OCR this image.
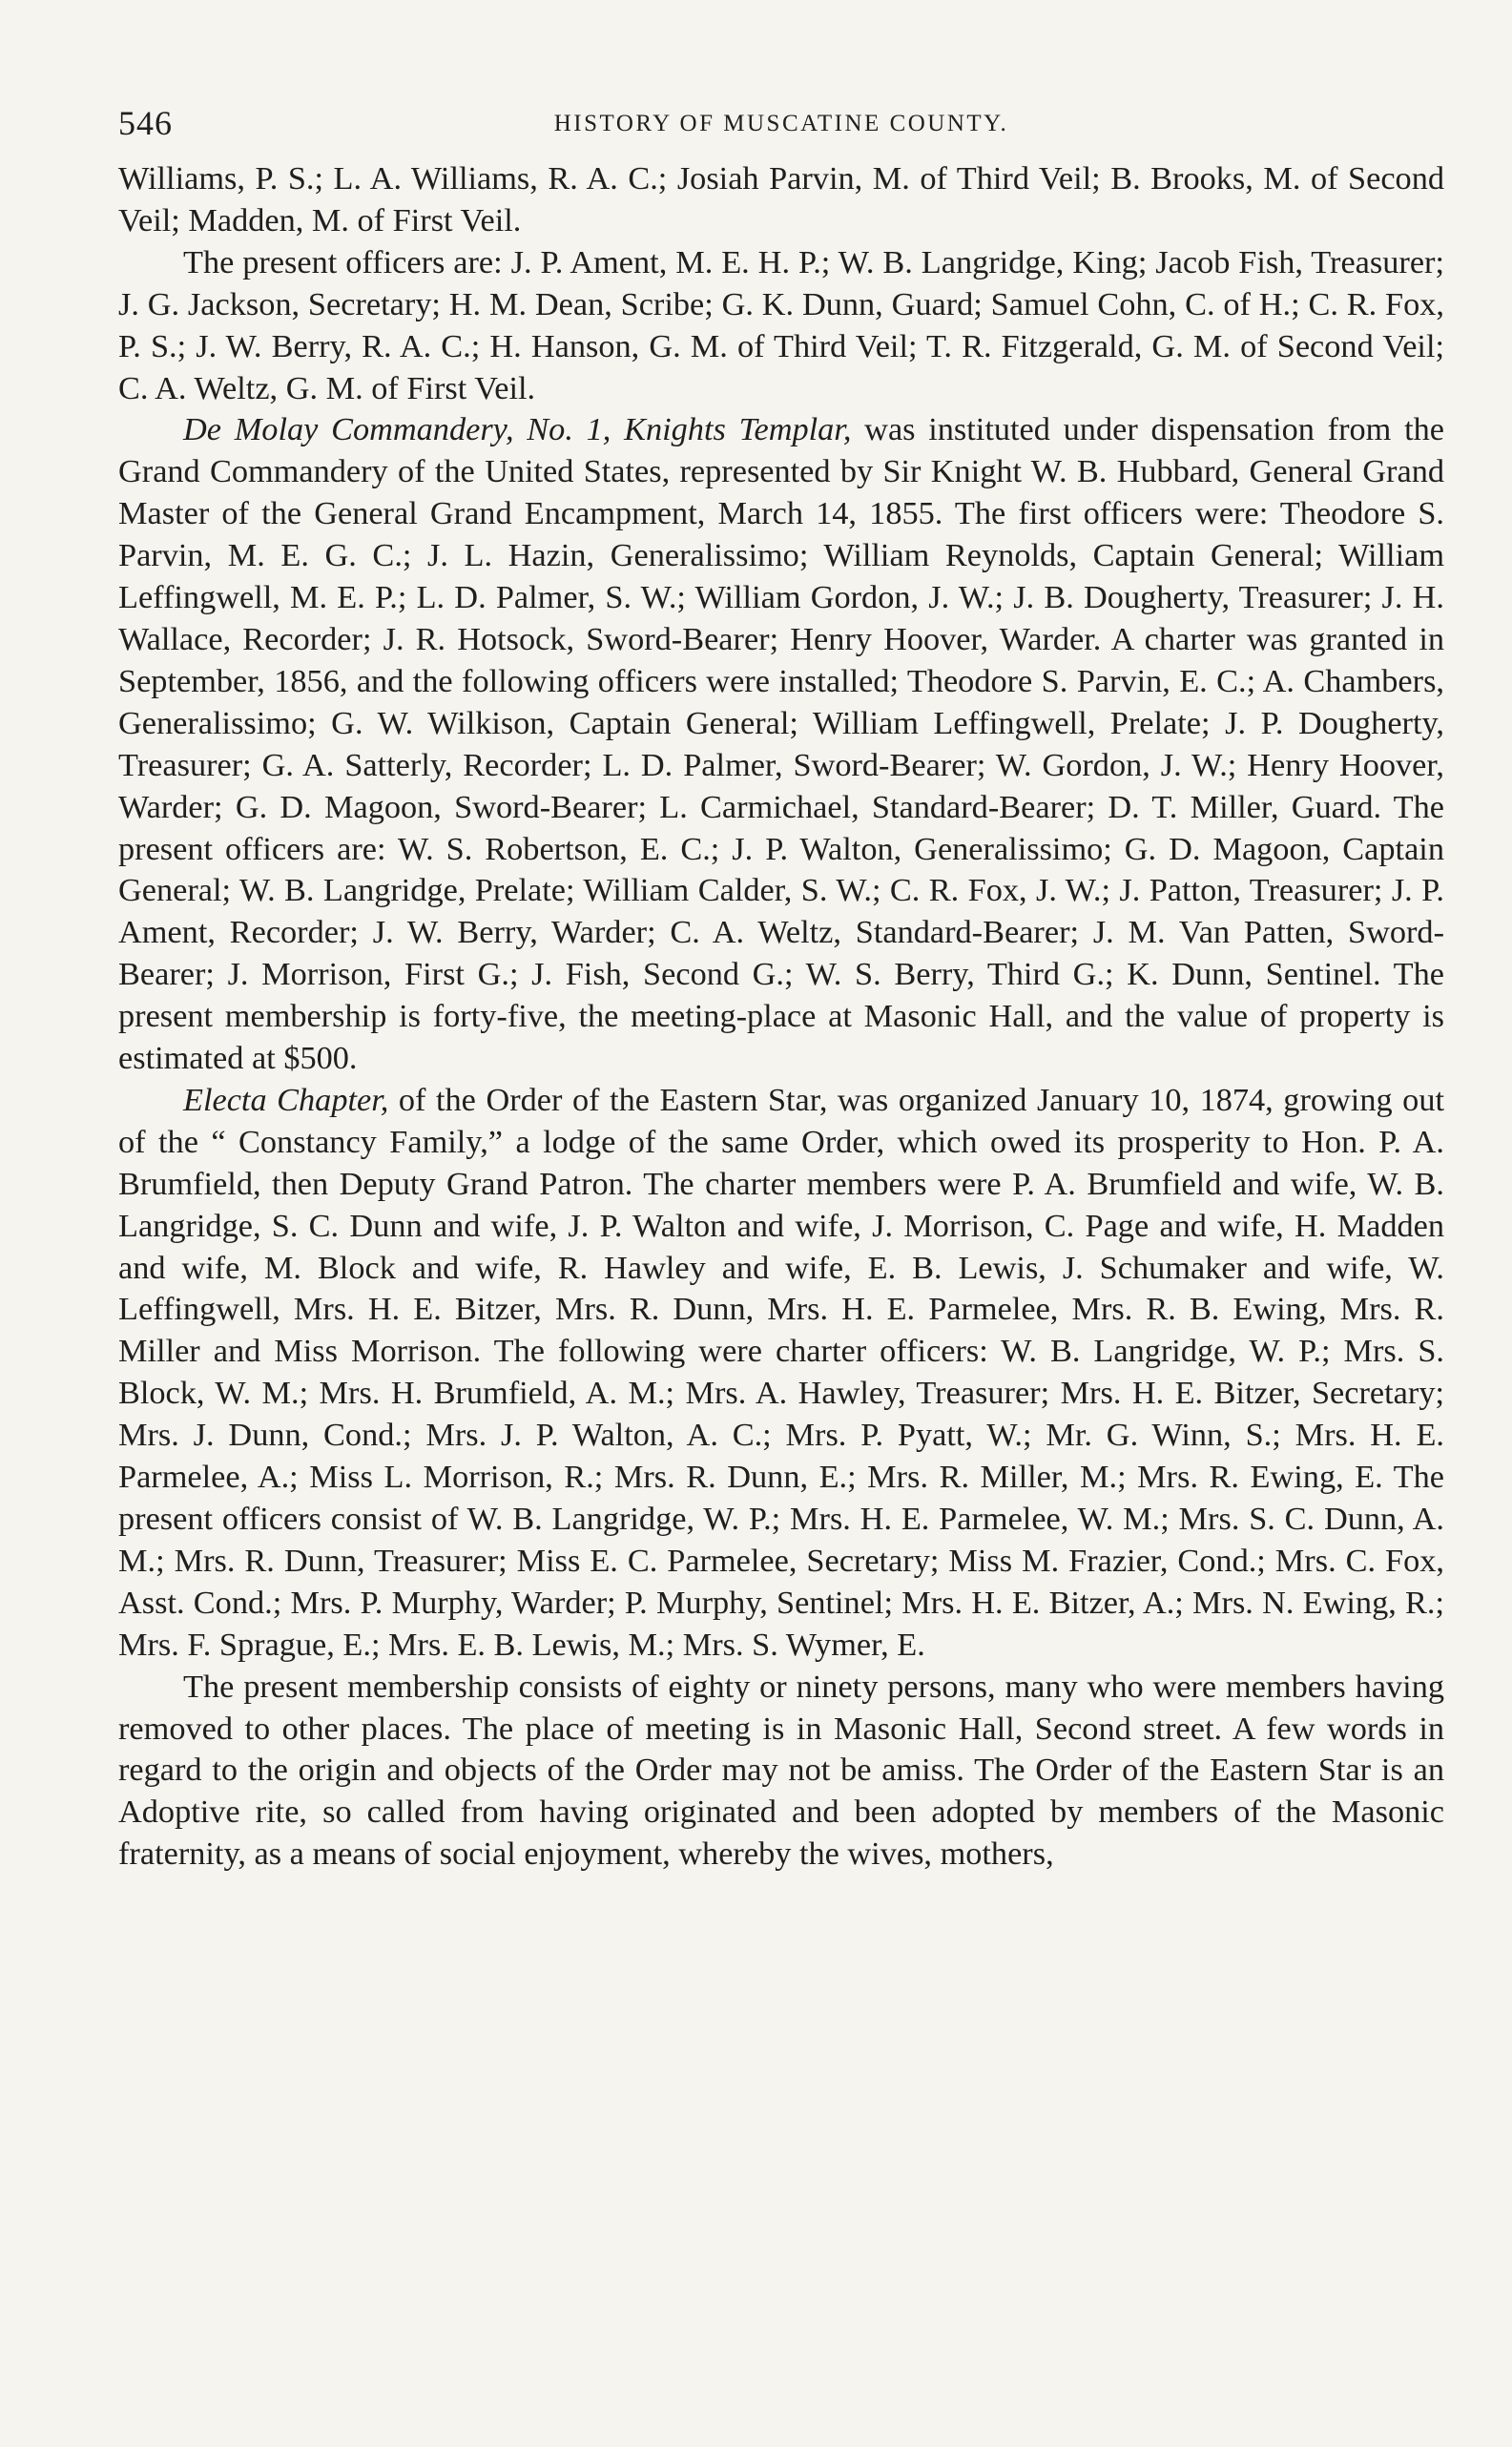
546	HISTORY OF MUSCATINE COUNTY.

Williams, P. S.; L. A. Williams, R. A. C.; Josiah Parvin, M. of Third Veil; B. Brooks, M. of Second Veil; Madden, M. of First Veil.

The present officers are: J. P. Ament, M. E. H. P.; W. B. Langridge, King; Jacob Fish, Treasurer; J. G. Jackson, Secretary; H. M. Dean, Scribe; G. K. Dunn, Guard; Samuel Cohn, C. of H.; C. R. Fox, P. S.; J. W. Berry, R. A. C.; H. Hanson, G. M. of Third Veil; T. R. Fitzgerald, G. M. of Second Veil; C. A. Weltz, G. M. of First Veil.

De Molay Commandery, No. 1, Knights Templar, was instituted under dispensation from the Grand Commandery of the United States, represented by Sir Knight W. B. Hubbard, General Grand Master of the General Grand Encampment, March 14, 1855. The first officers were: Theodore S. Parvin, M. E. G. C.; J. L. Hazin, Generalissimo; William Reynolds, Captain General; William Leffingwell, M. E. P.; L. D. Palmer, S. W.; William Gordon, J. W.; J. B. Dougherty, Treasurer; J. H. Wallace, Recorder; J. R. Hotsock, Sword-Bearer; Henry Hoover, Warder. A charter was granted in September, 1856, and the following officers were installed; Theodore S. Parvin, E. C.; A. Chambers, Generalissimo; G. W. Wilkison, Captain General; William Leffingwell, Prelate; J. P. Dougherty, Treasurer; G. A. Satterly, Recorder; L. D. Palmer, Sword-Bearer; W. Gordon, J. W.; Henry Hoover, Warder; G. D. Magoon, Sword-Bearer; L. Carmichael, Standard-Bearer; D. T. Miller, Guard. The present officers are: W. S. Robertson, E. C.; J. P. Walton, Generalissimo; G. D. Magoon, Captain General; W. B. Langridge, Prelate; William Calder, S. W.; C. R. Fox, J. W.; J. Patton, Treasurer; J. P. Ament, Recorder; J. W. Berry, Warder; C. A. Weltz, Standard-Bearer; J. M. Van Patten, Sword-Bearer; J. Morrison, First G.; J. Fish, Second G.; W. S. Berry, Third G.; K. Dunn, Sentinel. The present membership is forty-five, the meeting-place at Masonic Hall, and the value of property is estimated at $500.

Electa Chapter, of the Order of the Eastern Star, was organized January 10, 1874, growing out of the “ Constancy Family,” a lodge of the same Order, which owed its prosperity to Hon. P. A. Brumfield, then Deputy Grand Patron. The charter members were P. A. Brumfield and wife, W. B. Langridge, S. C. Dunn and wife, J. P. Walton and wife, J. Morrison, C. Page and wife, H. Madden and wife, M. Block and wife, R. Hawley and wife, E. B. Lewis, J. Schumaker and wife, W. Leffingwell, Mrs. H. E. Bitzer, Mrs. R. Dunn, Mrs. H. E. Parmelee, Mrs. R. B. Ewing, Mrs. R. Miller and Miss Morrison. The following were charter officers: W. B. Langridge, W. P.; Mrs. S. Block, W. M.; Mrs. H. Brumfield, A. M.; Mrs. A. Hawley, Treasurer; Mrs. H. E. Bitzer, Secretary; Mrs. J. Dunn, Cond.; Mrs. J. P. Walton, A. C.; Mrs. P. Pyatt, W.; Mr. G. Winn, S.; Mrs. H. E. Parmelee, A.; Miss L. Morrison, R.; Mrs. R. Dunn, E.; Mrs. R. Miller, M.; Mrs. R. Ewing, E. The present officers consist of W. B. Langridge, W. P.; Mrs. H. E. Parmelee, W. M.; Mrs. S. C. Dunn, A. M.; Mrs. R. Dunn, Treasurer; Miss E. C. Parmelee, Secretary; Miss M. Frazier, Cond.; Mrs. C. Fox, Asst. Cond.; Mrs. P. Murphy, Warder; P. Murphy, Sentinel; Mrs. H. E. Bitzer, A.; Mrs. N. Ewing, R.; Mrs. F. Sprague, E.; Mrs. E. B. Lewis, M.; Mrs. S. Wymer, E.

The present membership consists of eighty or ninety persons, many who were members having removed to other places. The place of meeting is in Masonic Hall, Second street. A few words in regard to the origin and objects of the Order may not be amiss. The Order of the Eastern Star is an Adoptive rite, so called from having originated and been adopted by members of the Masonic fraternity, as a means of social enjoyment, whereby the wives, mothers,
